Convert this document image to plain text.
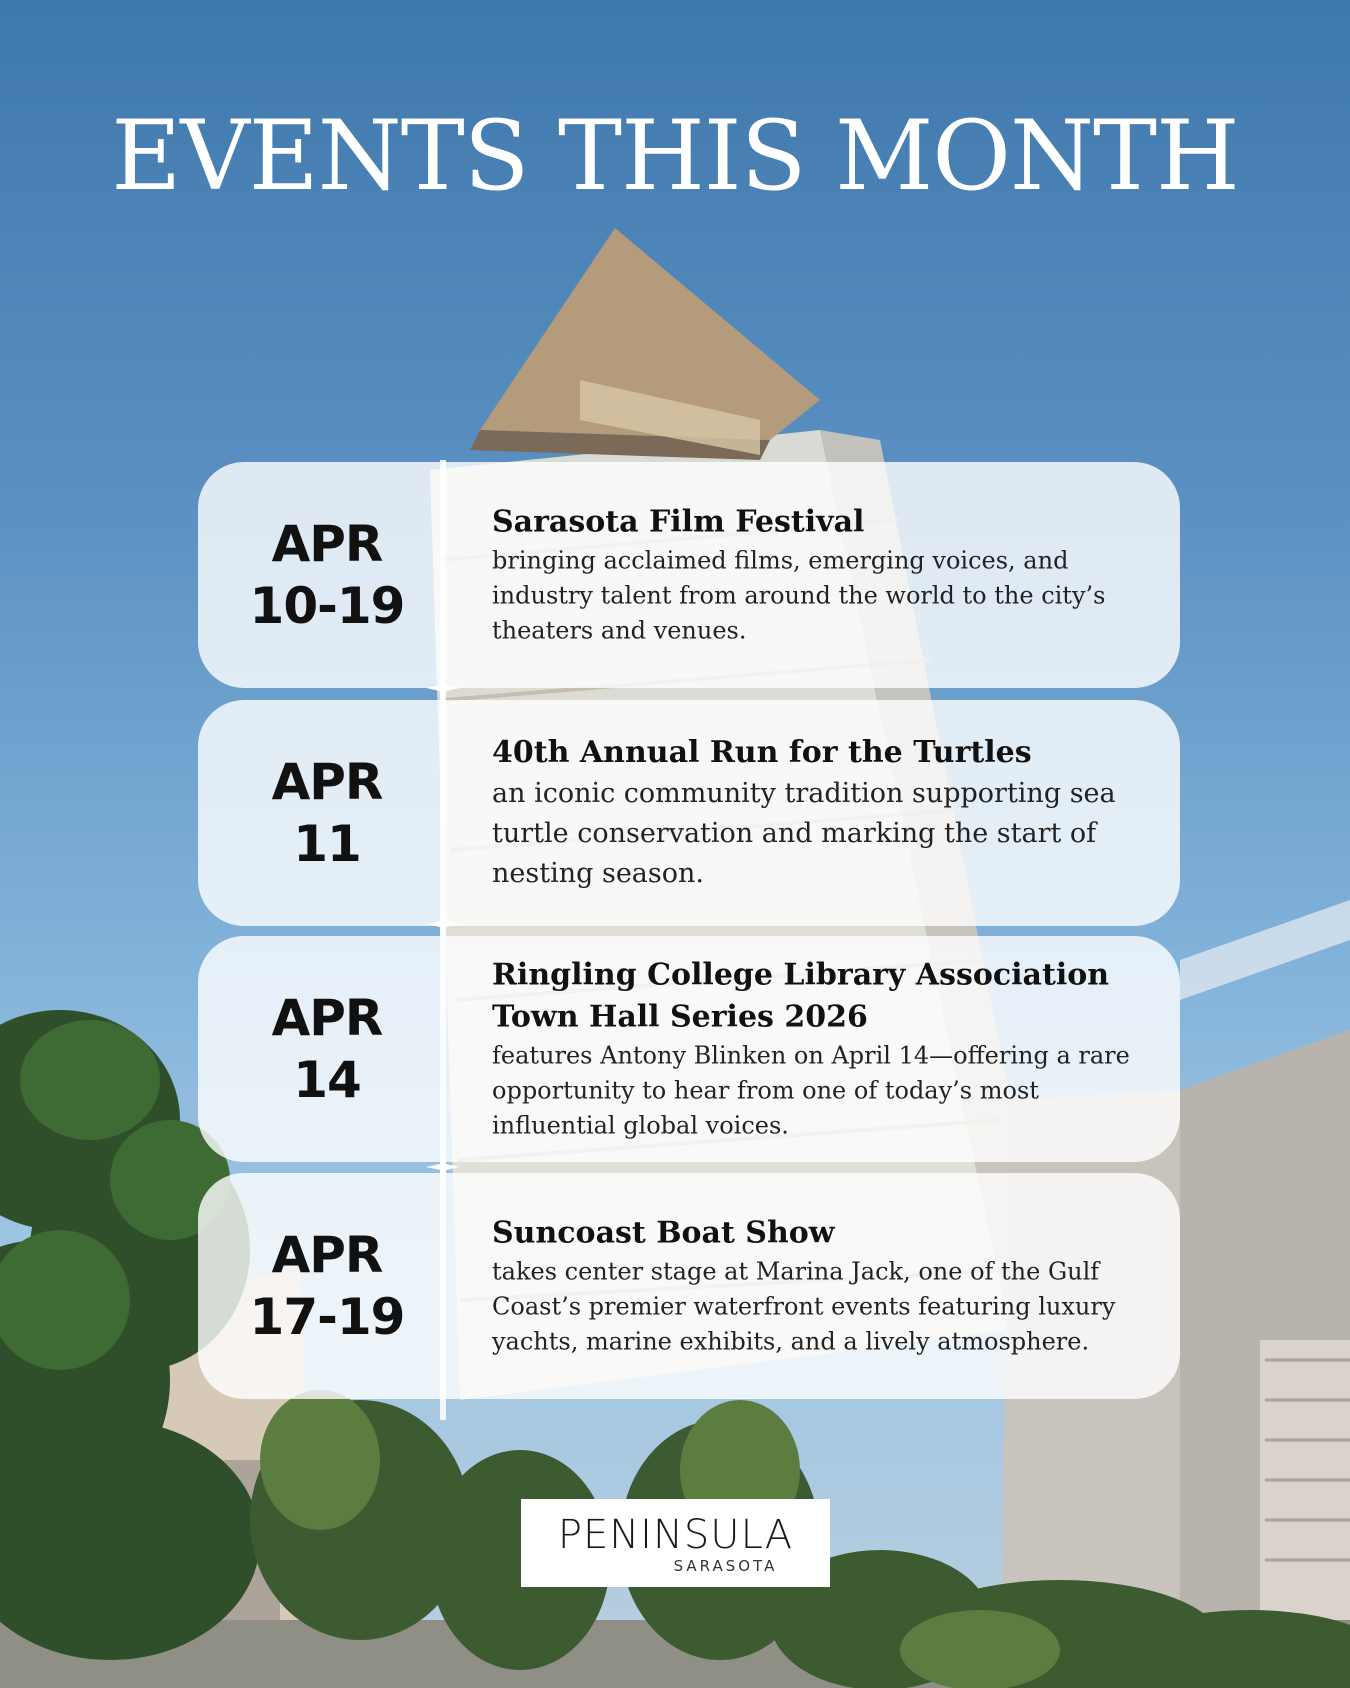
EVENTS THIS MONTH
APR
10-19
Sarasota Film Festival
bringing acclaimed films, emerging voices, and industry talent from around the world to the city’s theaters and venues.
APR
11
40th Annual Run for the Turtles
an iconic community tradition supporting sea turtle conservation and marking the start of nesting season.
APR
14
Ringling College Library Association Town Hall Series 2026
features Antony Blinken on April 14—offering a rare opportunity to hear from one of today’s most influential global voices.
APR
17-19
Suncoast Boat Show
takes center stage at Marina Jack, one of the Gulf Coast’s premier waterfront events featuring luxury yachts, marine exhibits, and a lively atmosphere.
PENINSULA
SARASOTA
